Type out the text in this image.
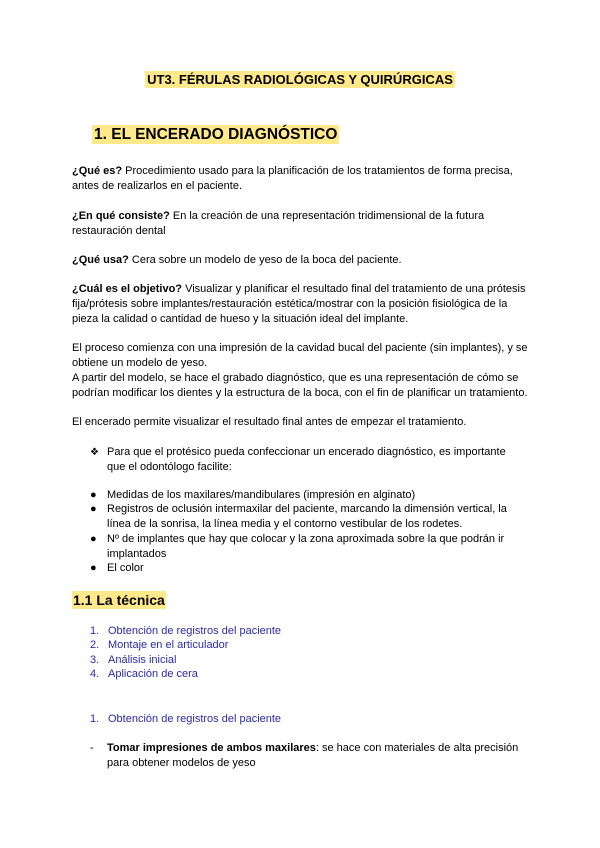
UT3. FÉRULAS RADIOLÓGICAS Y QUIRÚRGICAS
1. EL ENCERADO DIAGNÓSTICO
¿Qué es? Procedimiento usado para la planificación de los tratamientos de forma precisa, antes de realizarlos en el paciente.
¿En qué consiste? En la creación de una representación tridimensional de la futura restauración dental
¿Qué usa? Cera sobre un modelo de yeso de la boca del paciente.
¿Cuál es el objetivo? Visualizar y planificar el resultado final del tratamiento de una prótesis fija/prótesis sobre implantes/restauración estética/mostrar con la posición fisiológica de la pieza la calidad o cantidad de hueso y la situación ideal del implante.
El proceso comienza con una impresión de la cavidad bucal del paciente (sin implantes), y se obtiene un modelo de yeso.
A partir del modelo, se hace el grabado diagnóstico, que es una representación de cómo se podrían modificar los dientes y la estructura de la boca, con el fin de planificar un tratamiento.
El encerado permite visualizar el resultado final antes de empezar el tratamiento.
❖ Para que el protésico pueda confeccionar un encerado diagnóstico, es importante que el odontólogo facilite:
● Medidas de los maxilares/mandibulares (impresión en alginato)
● Registros de oclusión intermaxilar del paciente, marcando la dimensión vertical, la línea de la sonrisa, la línea media y el contorno vestibular de los rodetes.
● Nº de implantes que hay que colocar y la zona aproximada sobre la que podrán ir implantados
● El color
1.1 La técnica
1. Obtención de registros del paciente
2. Montaje en el articulador
3. Análisis inicial
4. Aplicación de cera
1. Obtención de registros del paciente
- Tomar impresiones de ambos maxilares: se hace con materiales de alta precisión para obtener modelos de yeso
